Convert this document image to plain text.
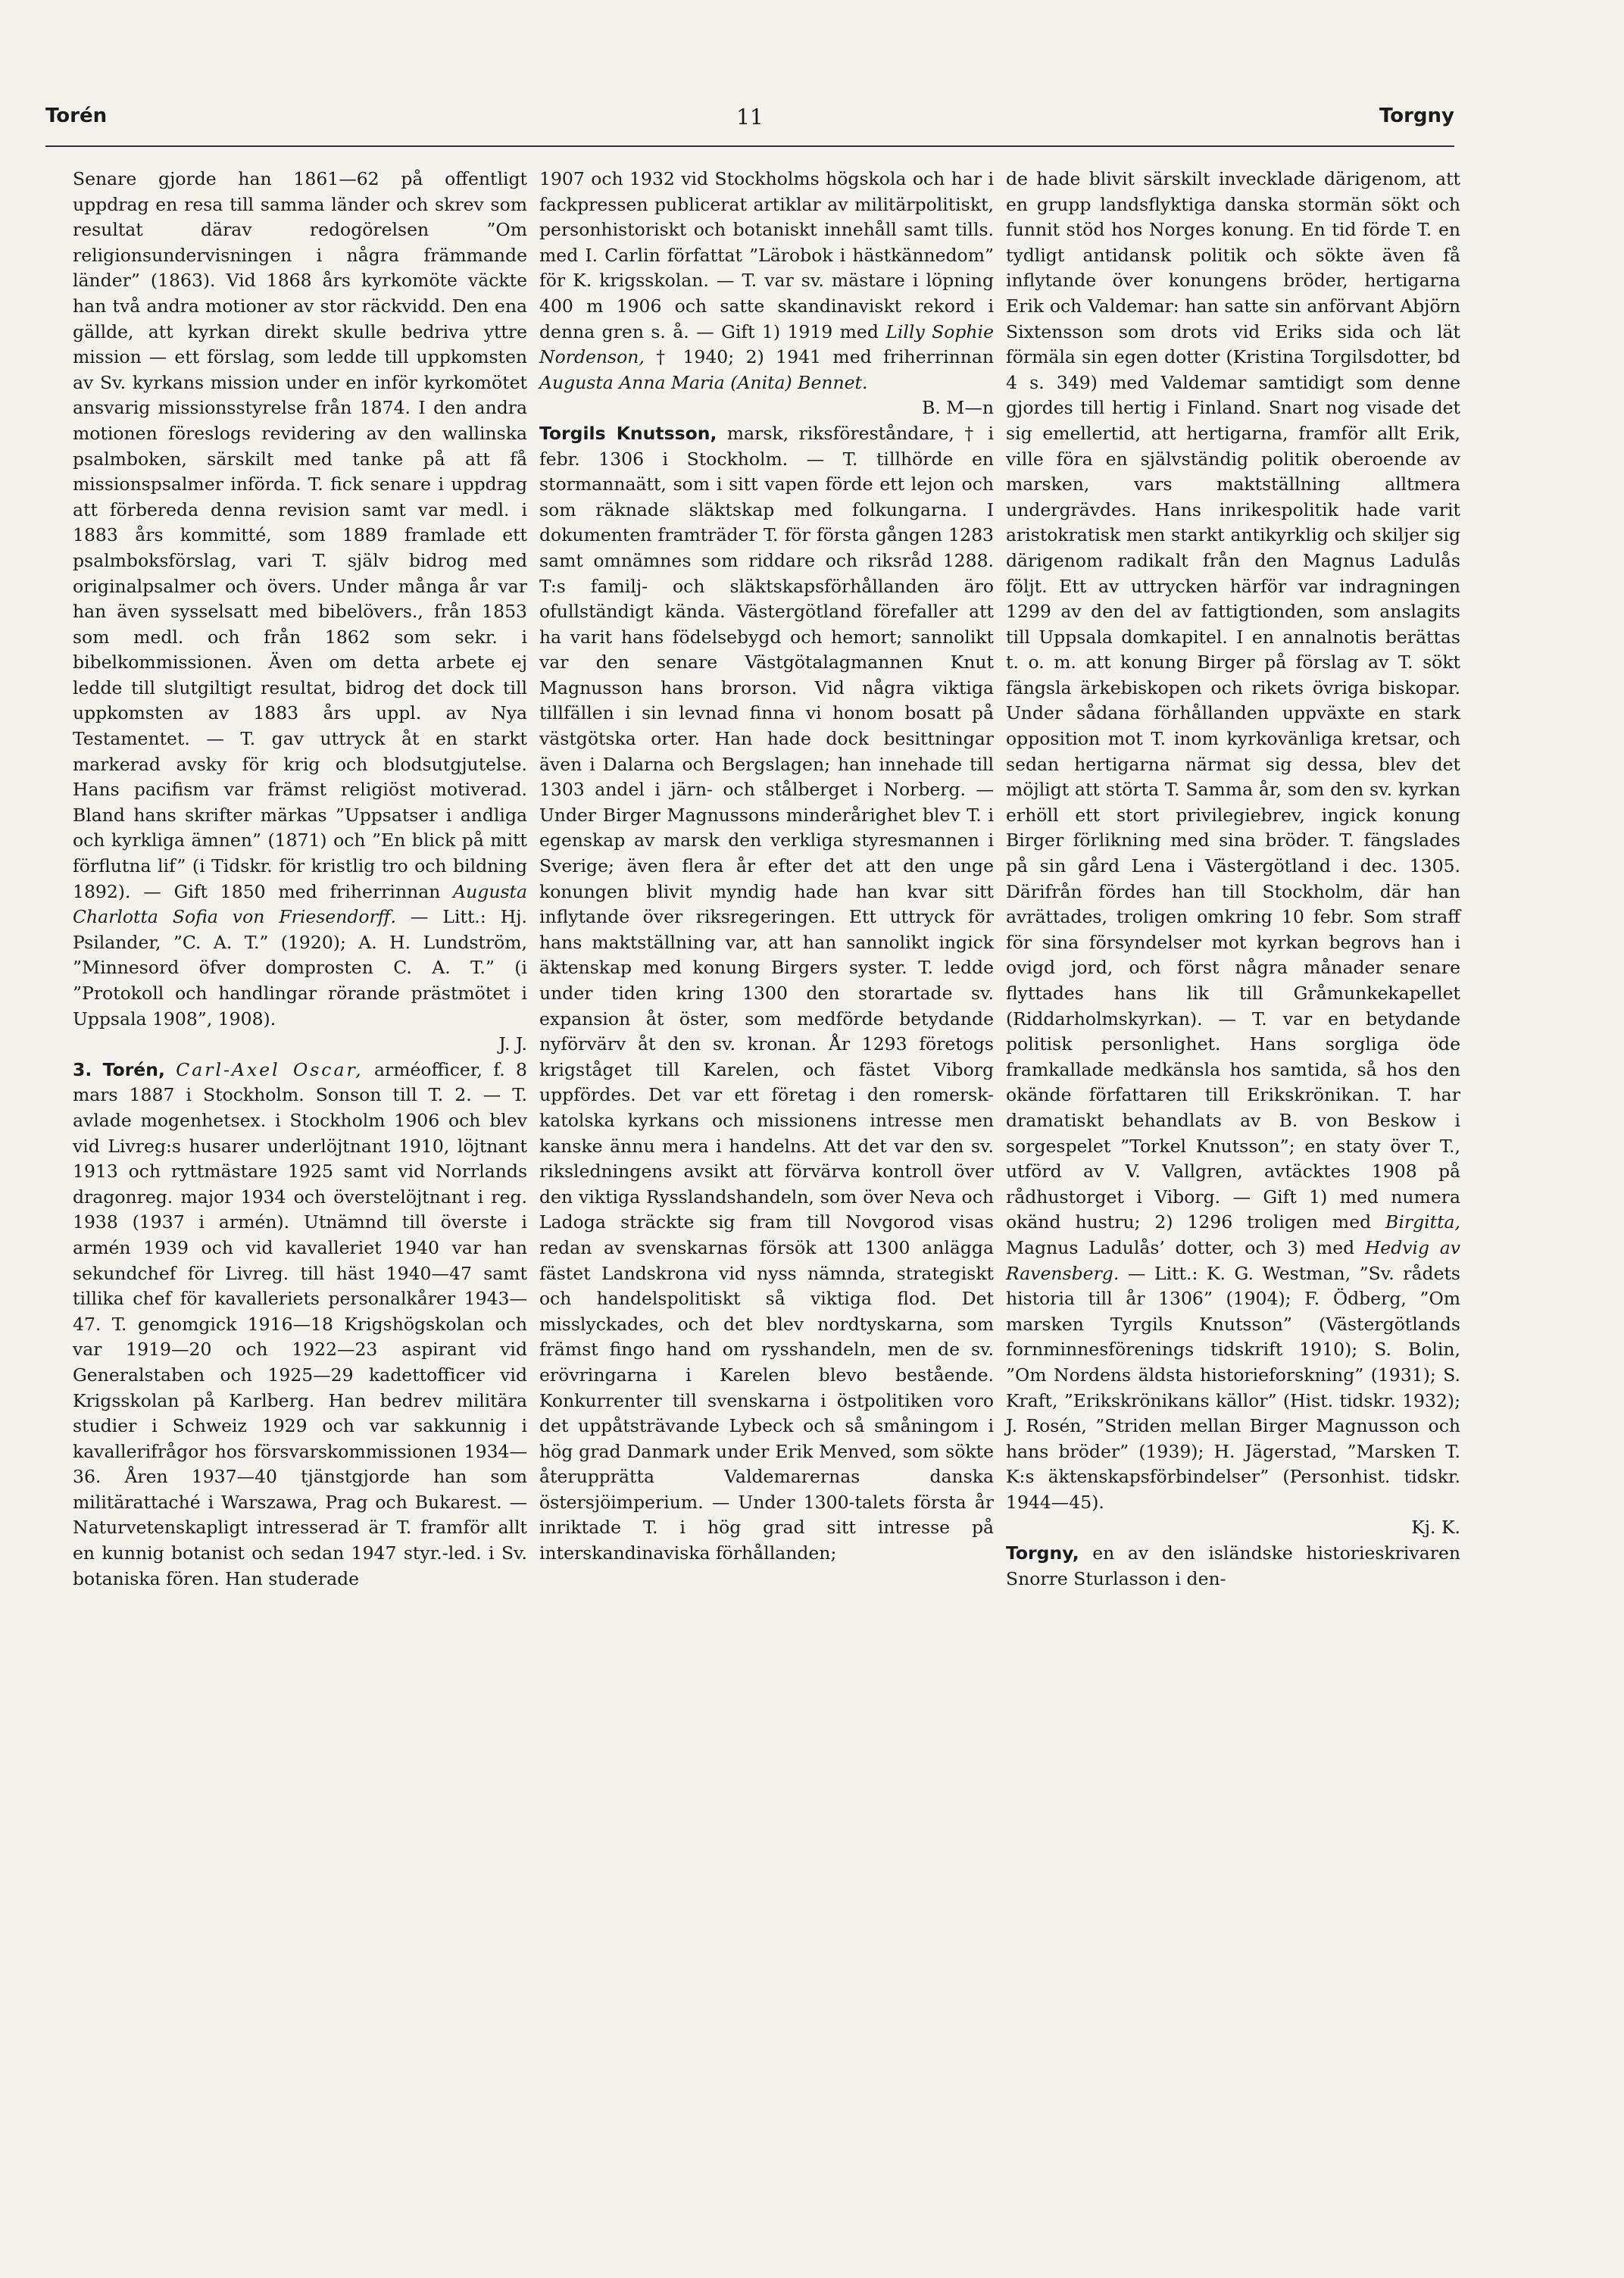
Torén	11	Torgny

Senare gjorde han 1861—62 på offentligt uppdrag en resa till samma länder och skrev som resultat därav redogörelsen ”Om religionsundervisningen i några främmande länder” (1863). Vid 1868 års kyrkomöte väckte han två andra motioner av stor räckvidd. Den ena gällde, att kyrkan direkt skulle bedriva yttre mission — ett förslag, som ledde till uppkomsten av Sv. kyrkans mission under en inför kyrkomötet ansvarig missionsstyrelse från 1874. I den andra motionen föreslogs revidering av den wallinska psalmboken, särskilt med tanke på att få missionspsalmer införda. T. fick senare i uppdrag att förbereda denna revision samt var medl. i 1883 års kommitté, som 1889 framlade ett psalmboksförslag, vari T. själv bidrog med originalpsalmer och övers. Under många år var han även sysselsatt med bibelövers., från 1853 som medl. och från 1862 som sekr. i bibelkommissionen. Även om detta arbete ej ledde till slutgiltigt resultat, bidrog det dock till uppkomsten av 1883 års uppl. av Nya Testamentet. — T. gav uttryck åt en starkt markerad avsky för krig och blodsutgjutelse. Hans pacifism var främst religiöst motiverad. Bland hans skrifter märkas ”Uppsatser i andliga och kyrkliga ämnen” (1871) och ”En blick på mitt förflutna lif” (i Tidskr. för kristlig tro och bildning 1892). — Gift 1850 med friherrinnan Augusta Charlotta Sofia von Friesendorff. — Litt.: Hj. Psilander, ”C. A. T.” (1920); A. H. Lundström, ”Minnesord öfver domprosten C. A. T.” (i ”Protokoll och handlingar rörande prästmötet i Uppsala 1908”, 1908).
J. J.

3. Torén, Carl-Axel Oscar, arméofficer, f. 8 mars 1887 i Stockholm. Sonson till T. 2. — T. avlade mogenhetsex. i Stockholm 1906 och blev vid Livreg:s husarer underlöjtnant 1910, löjtnant 1913 och ryttmästare 1925 samt vid Norrlands dragonreg. major 1934 och överstelöjtnant i reg. 1938 (1937 i armén). Utnämnd till överste i armén 1939 och vid kavalleriet 1940 var han sekundchef för Livreg. till häst 1940—47 samt tillika chef för kavalleriets personalkårer 1943—47. T. genomgick 1916—18 Krigshögskolan och var 1919—20 och 1922—23 aspirant vid Generalstaben och 1925—29 kadettofficer vid Krigsskolan på Karlberg. Han bedrev militära studier i Schweiz 1929 och var sakkunnig i kavallerifrågor hos försvarskommissionen 1934—36. Åren 1937—40 tjänstgjorde han som militärattaché i Warszawa, Prag och Bukarest. — Naturvetenskapligt intresserad är T. framför allt en kunnig botanist och sedan 1947 styr.-led. i Sv. botaniska fören. Han studerade

1907 och 1932 vid Stockholms högskola och har i fackpressen publicerat artiklar av militärpolitiskt, personhistoriskt och botaniskt innehåll samt tills. med I. Carlin författat ”Lärobok i hästkännedom” för K. krigsskolan. — T. var sv. mästare i löpning 400 m 1906 och satte skandinaviskt rekord i denna gren s. å. — Gift 1) 1919 med Lilly Sophie Nordenson, † 1940; 2) 1941 med friherrinnan Augusta Anna Maria (Anita) Bennet.
B. M—n

Torgils Knutsson, marsk, riksföreståndare, † i febr. 1306 i Stockholm. — T. tillhörde en stormannaätt, som i sitt vapen förde ett lejon och som räknade släktskap med folkungarna. I dokumenten framträder T. för första gången 1283 samt omnämnes som riddare och riksråd 1288. T:s familj- och släktskapsförhållanden äro ofullständigt kända. Västergötland förefaller att ha varit hans födelsebygd och hemort; sannolikt var den senare Västgötalagmannen Knut Magnusson hans brorson. Vid några viktiga tillfällen i sin levnad finna vi honom bosatt på västgötska orter. Han hade dock besittningar även i Dalarna och Bergslagen; han innehade till 1303 andel i järn- och stålberget i Norberg. — Under Birger Magnussons minderårighet blev T. i egenskap av marsk den verkliga styresmannen i Sverige; även flera år efter det att den unge konungen blivit myndig hade han kvar sitt inflytande över riksregeringen. Ett uttryck för hans maktställning var, att han sannolikt ingick äktenskap med konung Birgers syster. T. ledde under tiden kring 1300 den storartade sv. expansion åt öster, som medförde betydande nyförvärv åt den sv. kronan. År 1293 företogs krigståget till Karelen, och fästet Viborg uppfördes. Det var ett företag i den romersk-katolska kyrkans och missionens intresse men kanske ännu mera i handelns. Att det var den sv. riksledningens avsikt att förvärva kontroll över den viktiga Rysslandshandeln, som över Neva och Ladoga sträckte sig fram till Novgorod visas redan av svenskarnas försök att 1300 anlägga fästet Landskrona vid nyss nämnda, strategiskt och handelspolitiskt så viktiga flod. Det misslyckades, och det blev nordtyskarna, som främst fingo hand om rysshandeln, men de sv. erövringarna i Karelen blevo bestående. Konkurrenter till svenskarna i östpolitiken voro det uppåtsträvande Lybeck och så småningom i hög grad Danmark under Erik Menved, som sökte återupprätta Valdemarernas danska östersjöimperium. — Under 1300-talets första år inriktade T. i hög grad sitt intresse på interskandinaviska förhållanden;

de hade blivit särskilt invecklade därigenom, att en grupp landsflyktiga danska stormän sökt och funnit stöd hos Norges konung. En tid förde T. en tydligt antidansk politik och sökte även få inflytande över konungens bröder, hertigarna Erik och Valdemar: han satte sin anförvant Abjörn Sixtensson som drots vid Eriks sida och lät förmäla sin egen dotter (Kristina Torgilsdotter, bd 4 s. 349) med Valdemar samtidigt som denne gjordes till hertig i Finland. Snart nog visade det sig emellertid, att hertigarna, framför allt Erik, ville föra en självständig politik oberoende av marsken, vars maktställning alltmera undergrävdes. Hans inrikespolitik hade varit aristokratisk men starkt antikyrklig och skiljer sig därigenom radikalt från den Magnus Ladulås följt. Ett av uttrycken härför var indragningen 1299 av den del av fattigtionden, som anslagits till Uppsala domkapitel. I en annalnotis berättas t. o. m. att konung Birger på förslag av T. sökt fängsla ärkebiskopen och rikets övriga biskopar. Under sådana förhållanden uppväxte en stark opposition mot T. inom kyrkovänliga kretsar, och sedan hertigarna närmat sig dessa, blev det möjligt att störta T. Samma år, som den sv. kyrkan erhöll ett stort privilegiebrev, ingick konung Birger förlikning med sina bröder. T. fängslades på sin gård Lena i Västergötland i dec. 1305. Därifrån fördes han till Stockholm, där han avrättades, troligen omkring 10 febr. Som straff för sina försyndelser mot kyrkan begrovs han i ovigd jord, och först några månader senare flyttades hans lik till Gråmunkekapellet (Riddarholmskyrkan). — T. var en betydande politisk personlighet. Hans sorgliga öde framkallade medkänsla hos samtida, så hos den okände författaren till Erikskrönikan. T. har dramatiskt behandlats av B. von Beskow i sorgespelet ”Torkel Knutsson”; en staty över T., utförd av V. Vallgren, avtäcktes 1908 på rådhustorget i Viborg. — Gift 1) med numera okänd hustru; 2) 1296 troligen med Birgitta, Magnus Ladulås’ dotter, och 3) med Hedvig av Ravensberg. — Litt.: K. G. Westman, ”Sv. rådets historia till år 1306” (1904); F. Ödberg, ”Om marsken Tyrgils Knutsson” (Västergötlands fornminnesförenings tidskrift 1910); S. Bolin, ”Om Nordens äldsta historieforskning” (1931); S. Kraft, ”Erikskrönikans källor” (Hist. tidskr. 1932); J. Rosén, ”Striden mellan Birger Magnusson och hans bröder” (1939); H. Jägerstad, ”Marsken T. K:s äktenskapsförbindelser” (Personhist. tidskr. 1944—45).
Kj. K.

Torgny, en av den isländske historieskrivaren Snorre Sturlasson i den-
